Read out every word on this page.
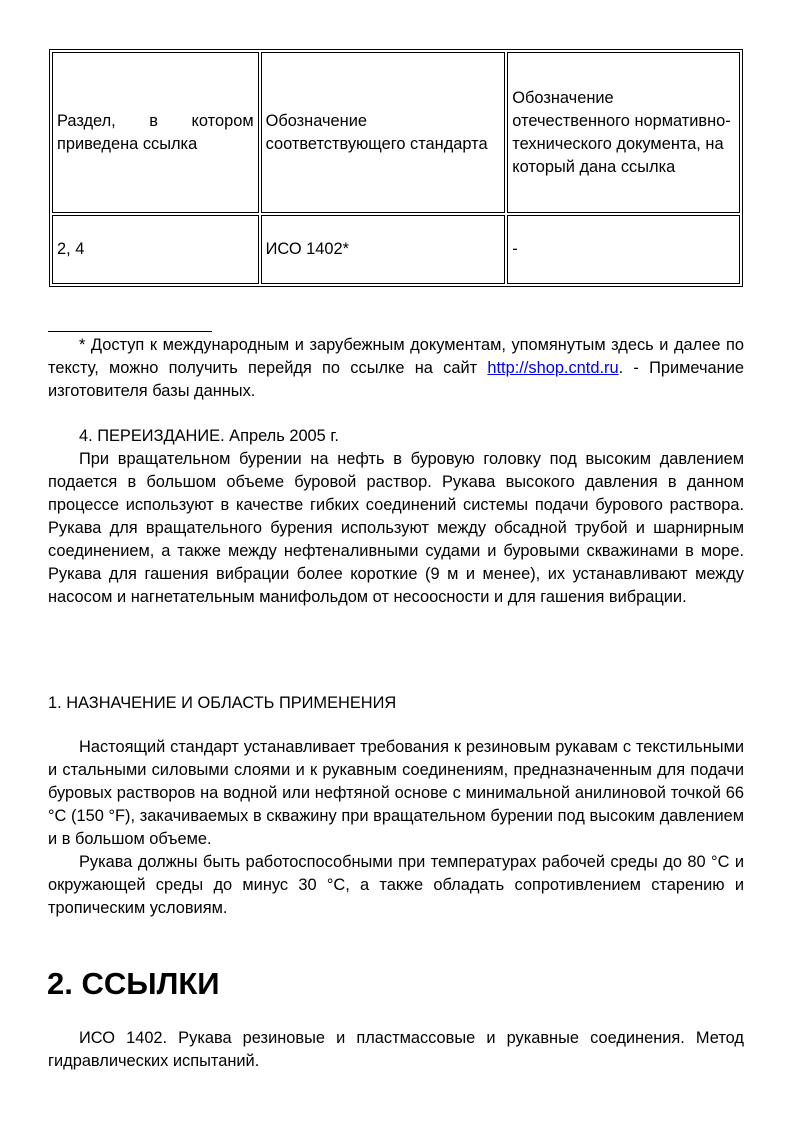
Раздел, в котором
приведена ссылка	Обозначение соответствующего стандарта	Обозначение отечественного нормативно-технического документа, на который дана ссылка
2, 4	ИСО 1402*	-

* Доступ к международным и зарубежным документам, упомянутым здесь и далее по тексту, можно получить перейдя по ссылке на сайт http://shop.cntd.ru. - Примечание изготовителя базы данных.

4. ПЕРЕИЗДАНИЕ. Апрель 2005 г.

При вращательном бурении на нефть в буровую головку под высоким давлением подается в большом объеме буровой раствор. Рукава высокого давления в данном процессе используют в качестве гибких соединений системы подачи бурового раствора. Рукава для вращательного бурения используют между обсадной трубой и шарнирным соединением, а также между нефтеналивными судами и буровыми скважинами в море. Рукава для гашения вибрации более короткие (9 м и менее), их устанавливают между насосом и нагнетательным манифольдом от несоосности и для гашения вибрации.

1. НАЗНАЧЕНИЕ И ОБЛАСТЬ ПРИМЕНЕНИЯ

Настоящий стандарт устанавливает требования к резиновым рукавам с текстильными и стальными силовыми слоями и к рукавным соединениям, предназначенным для подачи буровых растворов на водной или нефтяной основе с минимальной анилиновой точкой 66 °С (150 °F), закачиваемых в скважину при вращательном бурении под высоким давлением и в большом объеме.

Рукава должны быть работоспособными при температурах рабочей среды до 80 °С и окружающей среды до минус 30 °С, а также обладать сопротивлением старению и тропическим условиям.

2. ССЫЛКИ

ИСО 1402. Рукава резиновые и пластмассовые и рукавные соединения. Метод гидравлических испытаний.
